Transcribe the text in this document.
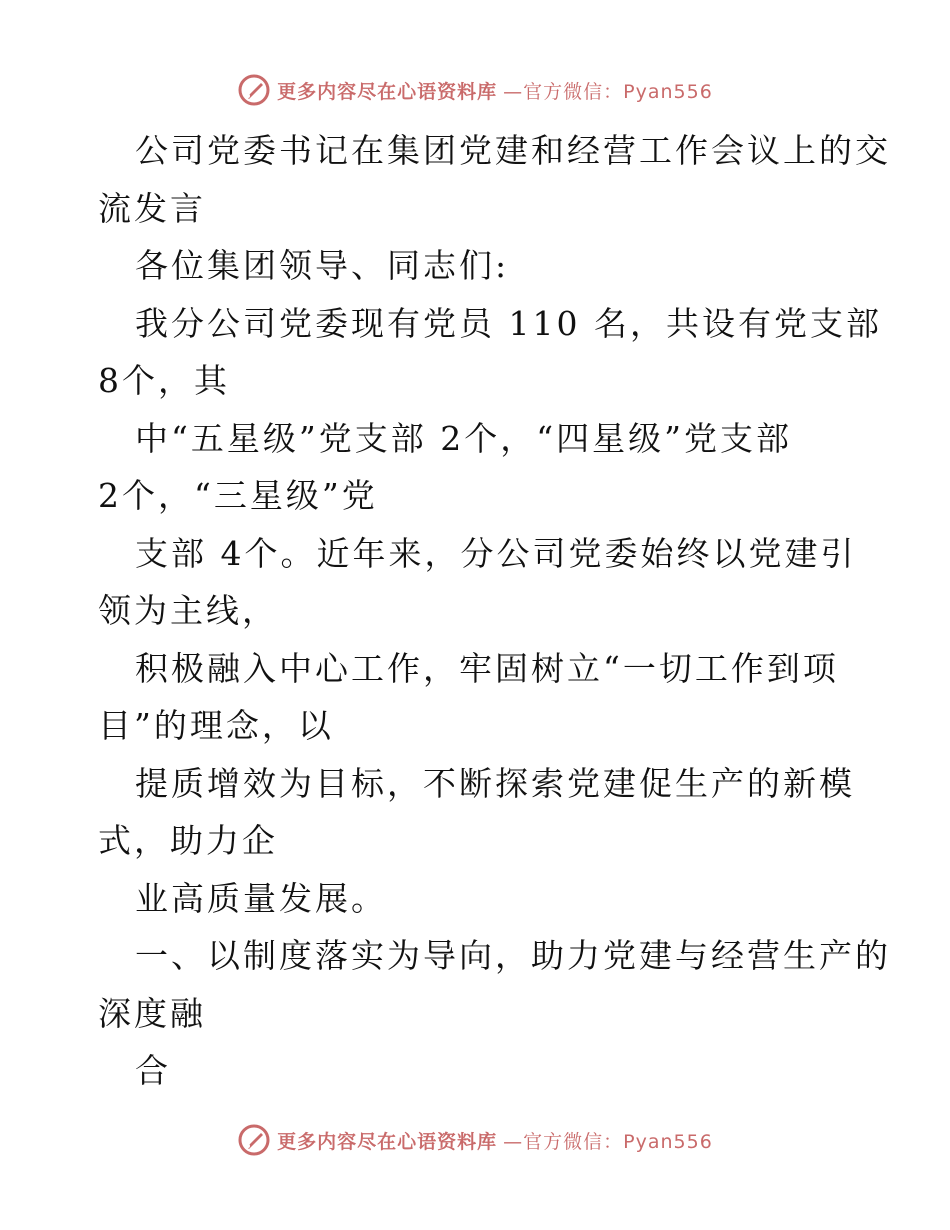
更多内容尽在心语资料库 —官方微信：Pyan556
公司党委书记在集团党建和经营工作会议上的交
流发言
各位集团领导、同志们:
我分公司党委现有党员 110 名，共设有党支部
8个，其
中“五星级”党支部 2个，“四星级”党支部
2个，“三星级”党
支部 4个。近年来，分公司党委始终以党建引
领为主线，
积极融入中心工作，牢固树立“一切工作到项
目”的理念，以
提质增效为目标，不断探索党建促生产的新模
式，助力企
业高质量发展。
一、以制度落实为导向，助力党建与经营生产的
深度融
合
更多内容尽在心语资料库 —官方微信：Pyan556
